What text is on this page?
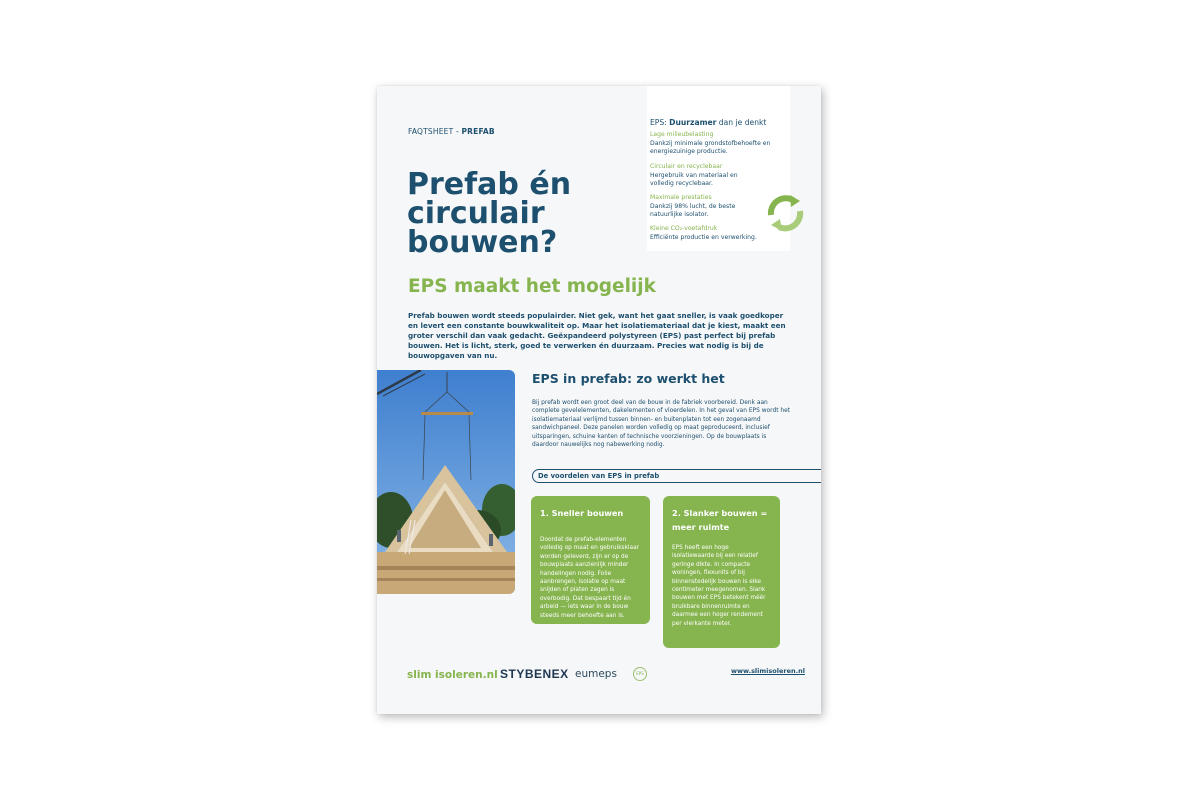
FAQTSHEET - PREFAB
Prefab én circulair bouwen?
EPS maakt het mogelijk

Prefab bouwen wordt steeds populairder. Niet gek, want het gaat sneller, is vaak goedkoper en levert een constante bouwkwaliteit op. Maar het isolatiemateriaal dat je kiest, maakt een groter verschil dan vaak gedacht. Geëxpandeerd polystyreen (EPS) past perfect bij prefab bouwen. Het is licht, sterk, goed te verwerken én duurzaam. Precies wat nodig is bij de bouwopgaven van nu.

EPS: Duurzamer dan je denkt
Lage milieubelasting
Dankzij minimale grondstofbehoefte en energiezuinige productie.
Circulair en recyclebaar
Hergebruik van materiaal en volledig recyclebaar.
Maximale prestaties
Dankzij 98% lucht, de beste natuurlijke isolator.
Kleine CO₂-voetafdruk
Efficiënte productie en verwerking.
EPS in prefab: zo werkt het

Bij prefab wordt een groot deel van de bouw in de fabriek voorbereid. Denk aan complete gevelelementen, dakelementen of vloerdelen. In het geval van EPS wordt het isolatiemateriaal verlijmd tussen binnen- en buitenplaten tot een zogenaamd sandwichpaneel. Deze panelen worden volledig op maat geproduceerd, inclusief uitsparingen, schuine kanten of technische voorzieningen. Op de bouwplaats is daardoor nauwelijks nog nabewerking nodig.

De voordelen van EPS in prefab
1. Sneller bouwen

Doordat de prefab-elementen volledig op maat en gebruiksklaar worden geleverd, zijn er op de bouwplaats aanzienlijk minder handelingen nodig. Folie aanbrengen, isolatie op maat snijden of platen zagen is overbodig. Dat bespaart tijd én arbeid — iets waar in de bouw steeds meer behoefte aan is.

2. Slanker bouwen = meer ruimte

EPS heeft een hoge isolatiewaarde bij een relatief geringe dikte. In compacte woningen, flexunits of bij binnenstedelijk bouwen is elke centimeter meegenomen. Slank bouwen met EPS betekent méér bruikbare binnenruimte en daarmee een hoger rendement per vierkante meter.

slim isoleren.nl STYBENEX eumeps	EPS	www.slimisoleren.nl
